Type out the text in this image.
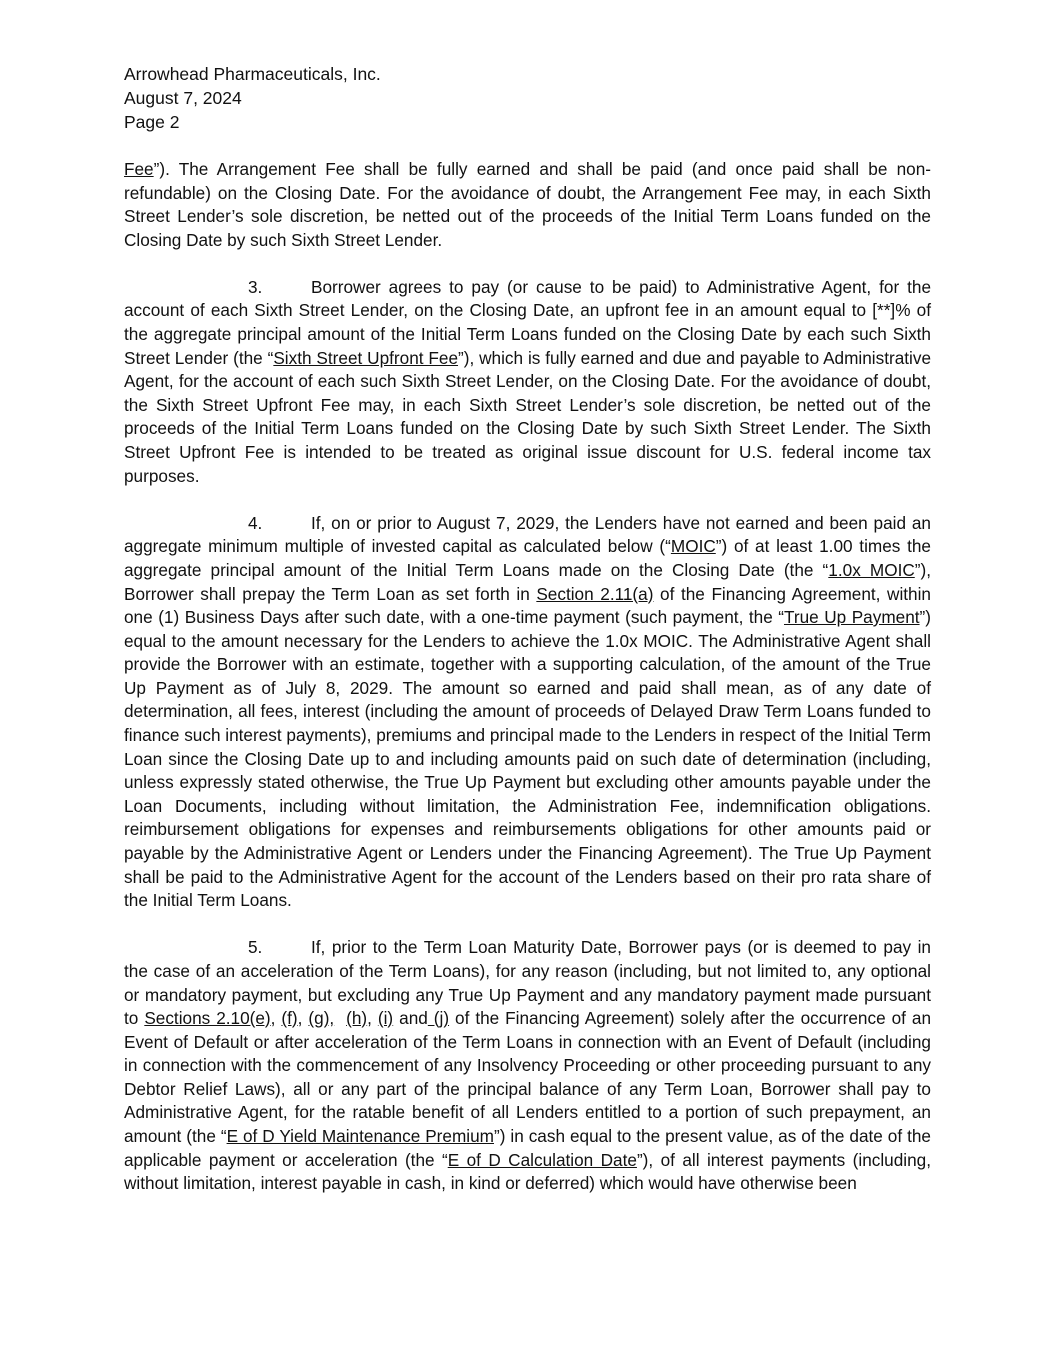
Arrowhead Pharmaceuticals, Inc.

August 7, 2024

Page 2

Fee”). The Arrangement Fee shall be fully earned and shall be paid (and once paid shall be non-refundable) on the Closing Date. For the avoidance of doubt, the Arrangement Fee may, in each Sixth Street Lender’s sole discretion, be netted out of the proceeds of the Initial Term Loans funded on the Closing Date by such Sixth Street Lender.

3.	Borrower agrees to pay (or cause to be paid) to Administrative Agent, for the account of each Sixth Street Lender, on the Closing Date, an upfront fee in an amount equal to [**]% of the aggregate principal amount of the Initial Term Loans funded on the Closing Date by each such Sixth Street Lender (the “Sixth Street Upfront Fee”), which is fully earned and due and payable to Administrative Agent, for the account of each such Sixth Street Lender, on the Closing Date. For the avoidance of doubt, the Sixth Street Upfront Fee may, in each Sixth Street Lender’s sole discretion, be netted out of the proceeds of the Initial Term Loans funded on the Closing Date by such Sixth Street Lender. The Sixth Street Upfront Fee is intended to be treated as original issue discount for U.S. federal income tax purposes.

4.	If, on or prior to August 7, 2029, the Lenders have not earned and been paid an aggregate minimum multiple of invested capital as calculated below (“MOIC”) of at least 1.00 times the aggregate principal amount of the Initial Term Loans made on the Closing Date (the “1.0x MOIC”), Borrower shall prepay the Term Loan as set forth in Section 2.11(a) of the Financing Agreement, within one (1) Business Days after such date, with a one-time payment (such payment, the “True Up Payment”) equal to the amount necessary for the Lenders to achieve the 1.0x MOIC. The Administrative Agent shall provide the Borrower with an estimate, together with a supporting calculation, of the amount of the True Up Payment as of July 8, 2029. The amount so earned and paid shall mean, as of any date of determination, all fees, interest (including the amount of proceeds of Delayed Draw Term Loans funded to finance such interest payments), premiums and principal made to the Lenders in respect of the Initial Term Loan since the Closing Date up to and including amounts paid on such date of determination (including, unless expressly stated otherwise, the True Up Payment but excluding other amounts payable under the Loan Documents, including without limitation, the Administration Fee, indemnification obligations. reimbursement obligations for expenses and reimbursements obligations for other amounts paid or payable by the Administrative Agent or Lenders under the Financing Agreement). The True Up Payment shall be paid to the Administrative Agent for the account of the Lenders based on their pro rata share of the Initial Term Loans.

5.	If, prior to the Term Loan Maturity Date, Borrower pays (or is deemed to pay in the case of an acceleration of the Term Loans), for any reason (including, but not limited to, any optional or mandatory payment, but excluding any True Up Payment and any mandatory payment made pursuant to Sections 2.10(e), (f), (g), (h), (i) and (j) of the Financing Agreement) solely after the occurrence of an Event of Default or after acceleration of the Term Loans in connection with an Event of Default (including in connection with the commencement of any Insolvency Proceeding or other proceeding pursuant to any Debtor Relief Laws), all or any part of the principal balance of any Term Loan, Borrower shall pay to Administrative Agent, for the ratable benefit of all Lenders entitled to a portion of such prepayment, an amount (the “E of D Yield Maintenance Premium”) in cash equal to the present value, as of the date of the applicable payment or acceleration (the “E of D Calculation Date”), of all interest payments (including, without limitation, interest payable in cash, in kind or deferred) which would have otherwise been
